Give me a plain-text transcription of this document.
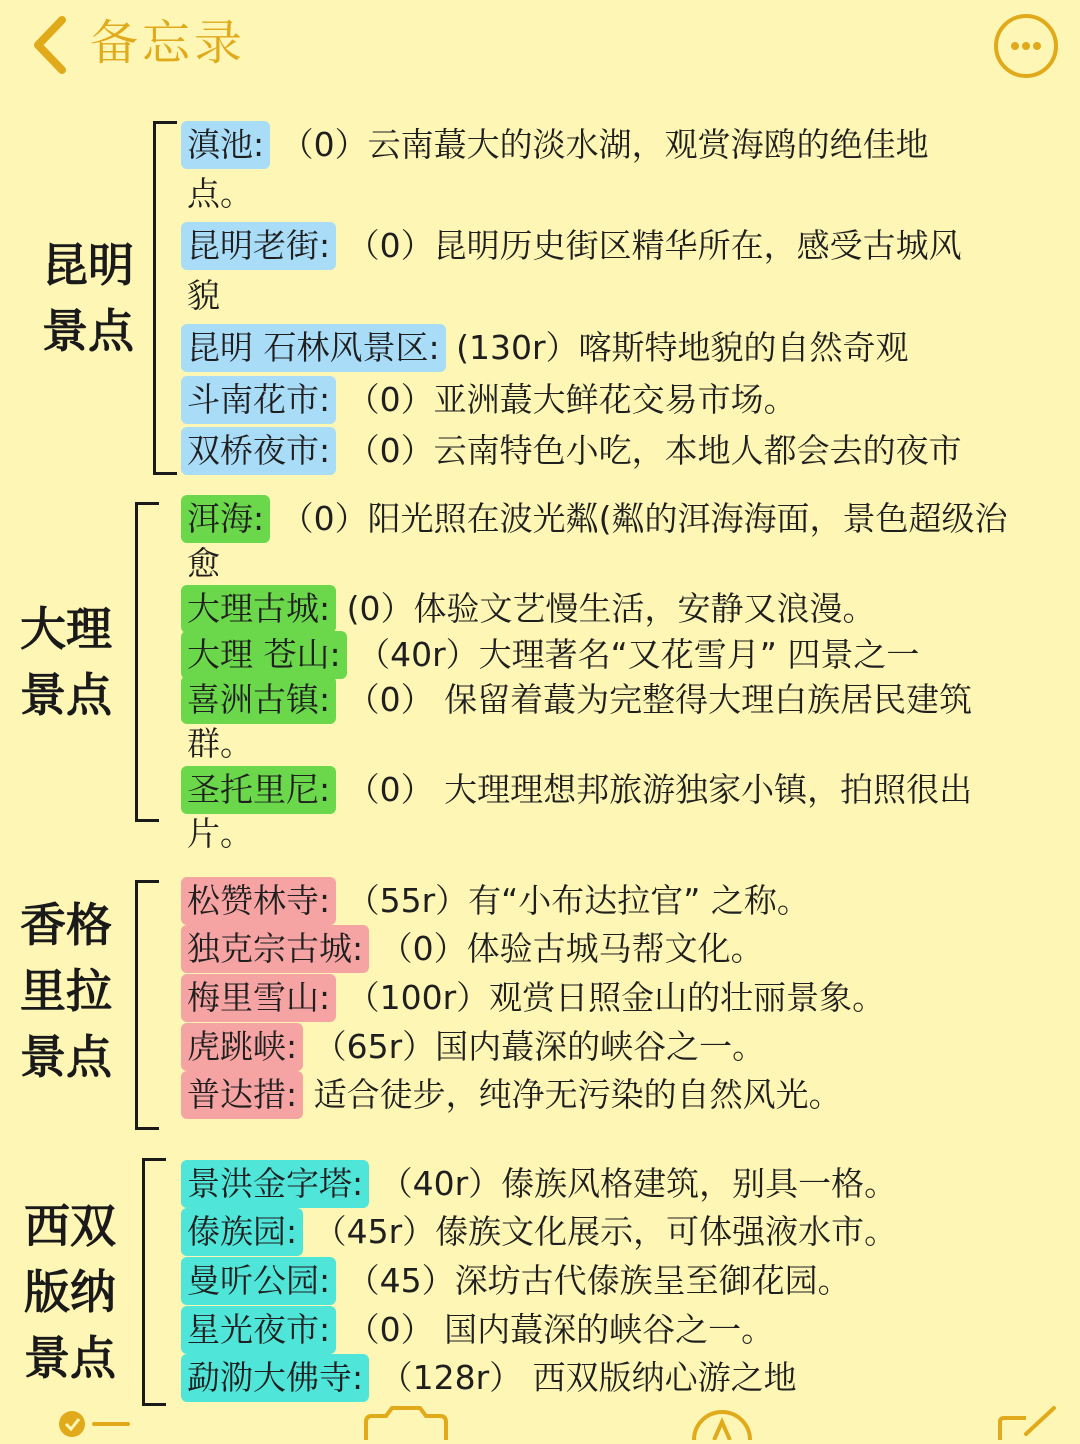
备忘录
昆明
景点
滇池: （0）云南蕞大的淡水湖，观赏海鸥的绝佳地
点。
昆明老街: （0）昆明历史街区精华所在，感受古城风
貌
昆明 石林风景区: (130r）喀斯特地貌的自然奇观
斗南花市: （0）亚洲蕞大鲜花交易市场。
双桥夜市: （0）云南特色小吃，本地人都会去的夜市
大理
景点
洱海: （0）阳光照在波光粼(粼的洱海海面，景色超级治
愈
大理古城: (0）体验文艺慢生活，安静又浪漫。
大理 苍山: （40r）大理著名“又花雪月” 四景之一
喜洲古镇: （0） 保留着蕞为完整得大理白族居民建筑
群。
圣托里尼: （0） 大理理想邦旅游独家小镇，拍照很出
片。
香格
里拉
景点
松赞林寺: （55r）有“小布达拉官” 之称。
独克宗古城: （0）体验古城马帮文化。
梅里雪山: （100r）观赏日照金山的壮丽景象。
虎跳峡: （65r）国内蕞深的峡谷之一。
普达措: 适合徒步，纯净无污染的自然风光。
西双
版纳
景点
景洪金字塔: （40r）傣族风格建筑，别具一格。
傣族园: （45r）傣族文化展示，可体强液水市。
曼听公园: （45）深坊古代傣族呈至御花园。
星光夜市: （0） 国内蕞深的峡谷之一。
勐泐大佛寺: （128r） 西双版纳心游之地
